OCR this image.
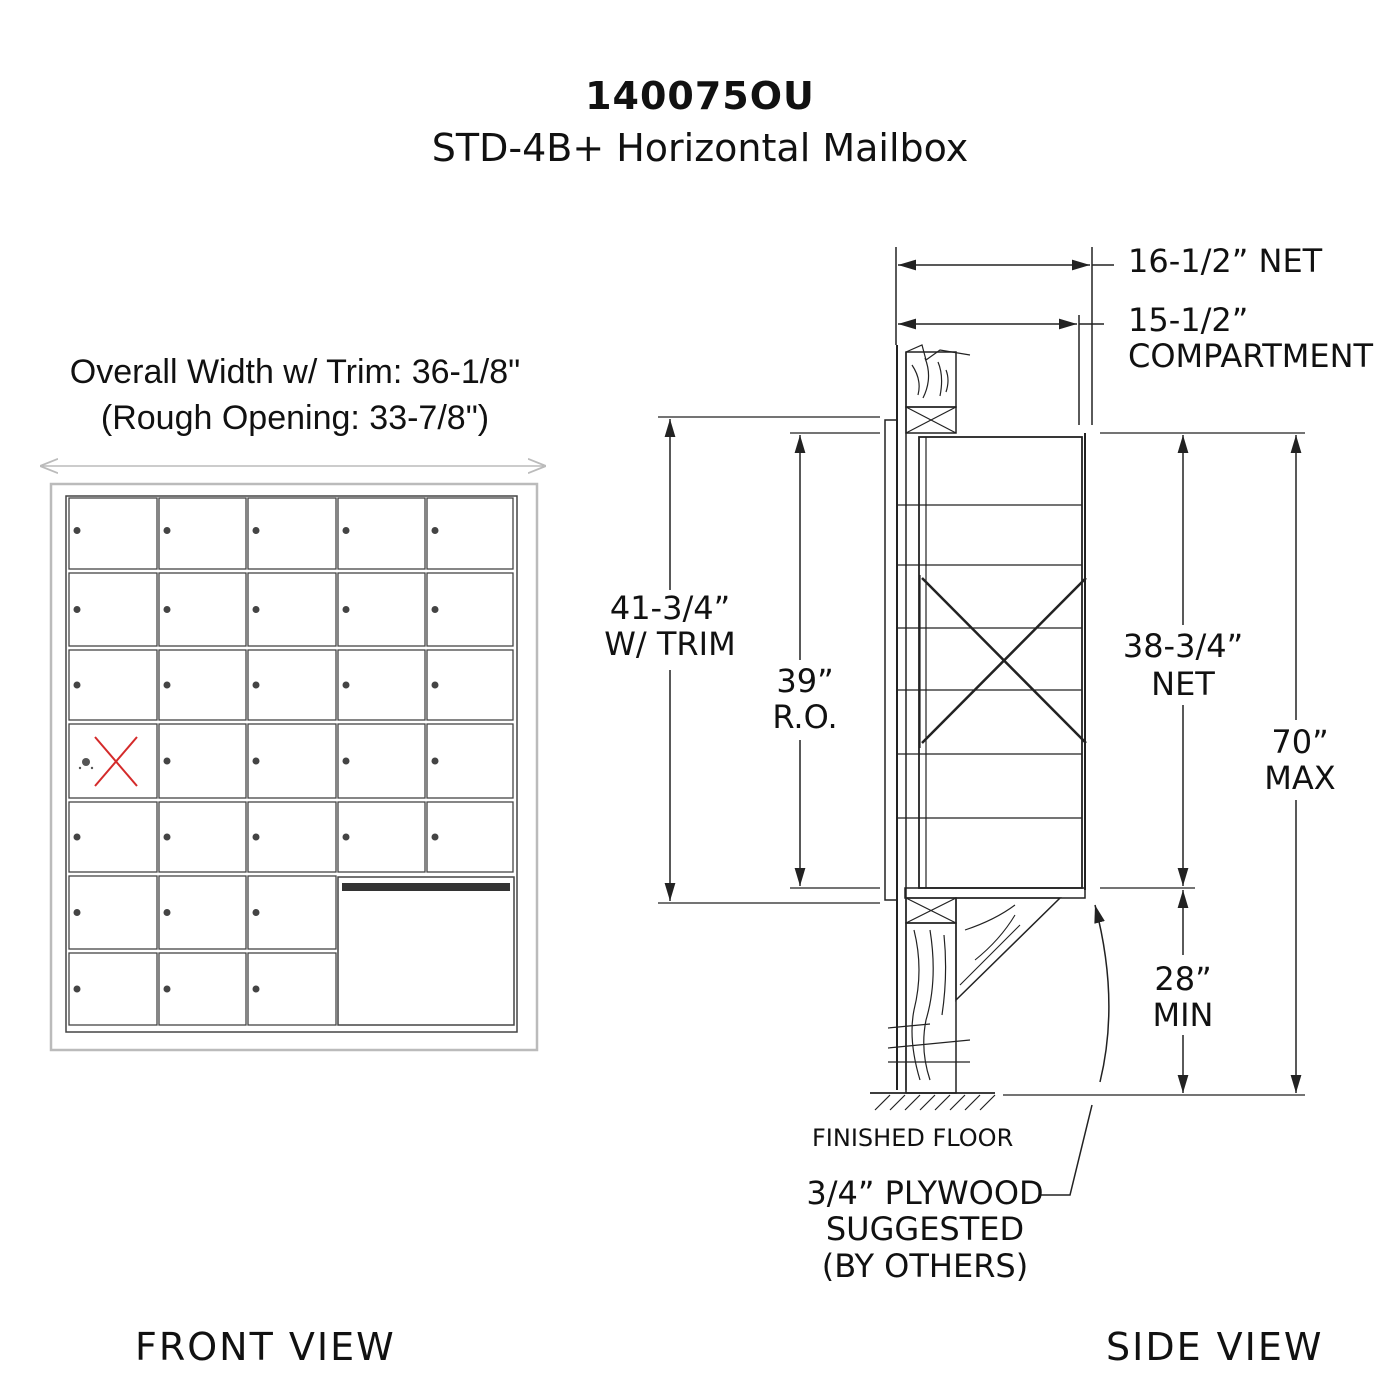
140075OU
STD-4B+ Horizontal Mailbox
Overall Width w/ Trim: 36-1/8"
(Rough Opening: 33-7/8")
16-1/2” NET
15-1/2”
COMPARTMENT
41-3/4”
W/ TRIM
39”
R.O.
38-3/4”
NET
70”
MAX
28”
MIN
FINISHED FLOOR
3/4” PLYWOOD
SUGGESTED
(BY OTHERS)
FRONT VIEW	SIDE VIEW
